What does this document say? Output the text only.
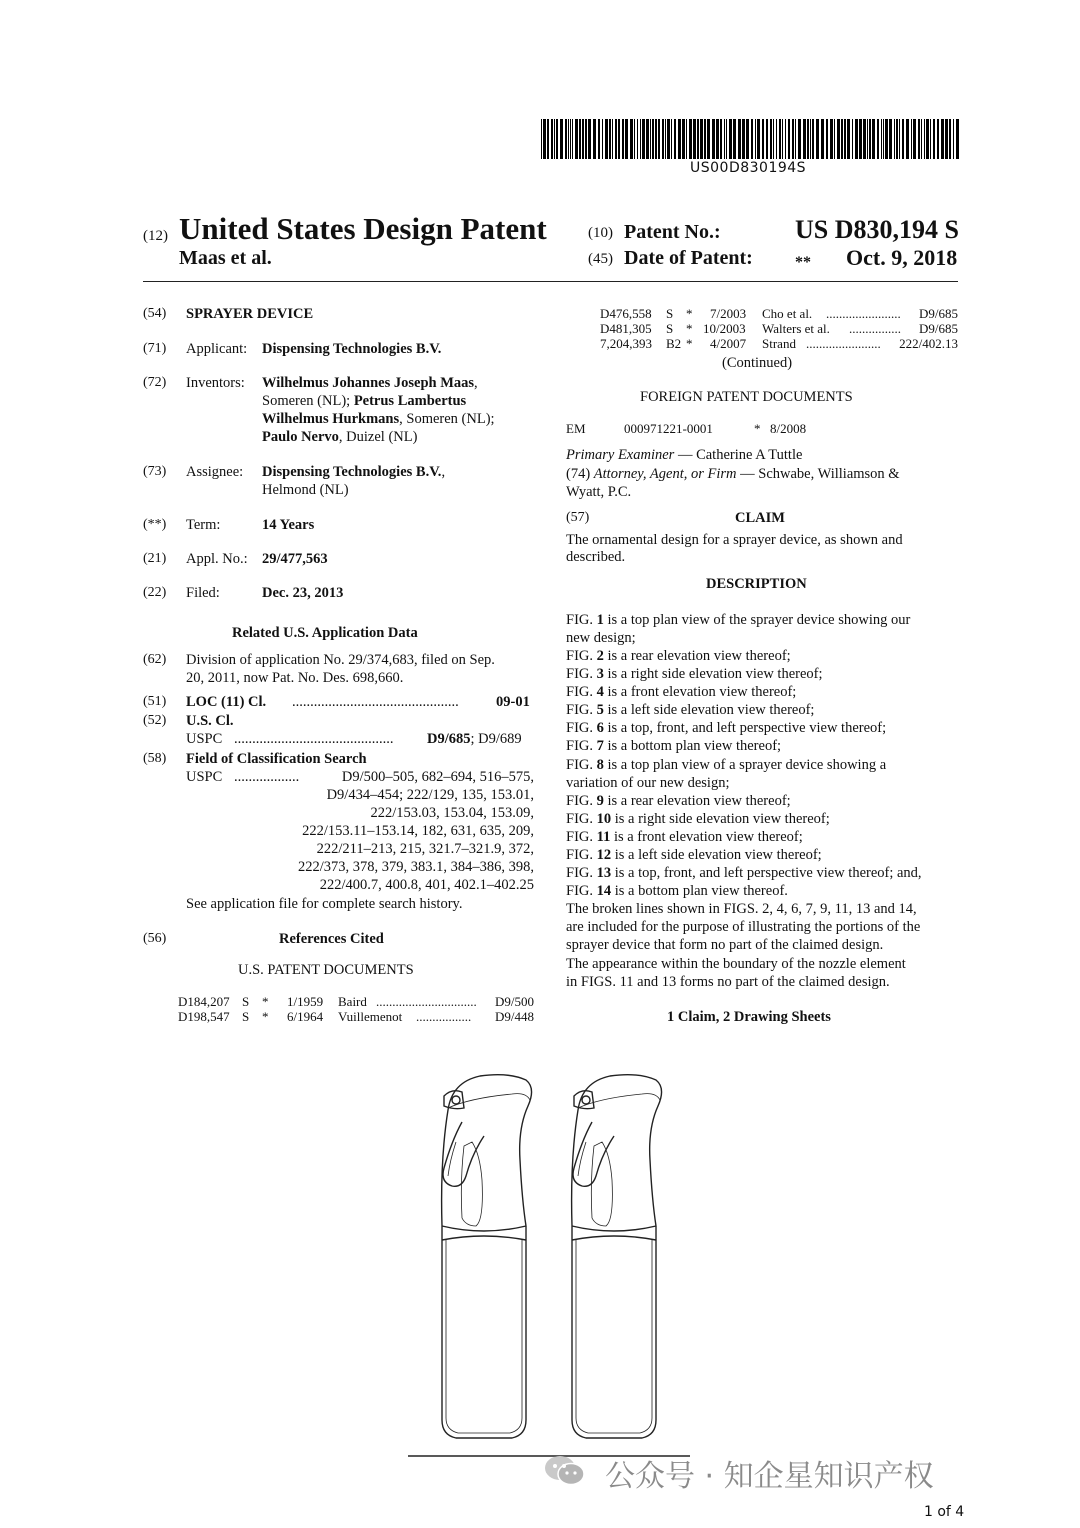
US00D830194S
(12) United States Design Patent
Maas et al.
(10) Patent No.:	US D830,194 S
(45) Date of Patent:	** Oct. 9, 2018
(54) SPRAYER DEVICE
(71) Applicant: Dispensing Technologies B.V.
(72) Inventors: Wilhelmus Johannes Joseph Maas,
Someren (NL); Petrus Lambertus
Wilhelmus Hurkmans, Someren (NL);
Paulo Nervo, Duizel (NL)
(73) Assignee: Dispensing Technologies B.V.,
Helmond (NL)
(**) Term:	14 Years
(21) Appl. No.: 29/477,563
(22) Filed:	Dec. 23, 2013
Related U.S. Application Data
(62) Division of application No. 29/374,683, filed on Sep.
20, 2011, now Pat. No. Des. 698,660.
(51) LOC (11) Cl. ..............................................	09-01
(52) U.S. Cl.
USPC ............................................ D9/685; D9/689
(58) Field of Classification Search
USPC ..................	D9/500–505, 682–694, 516–575,
D9/434–454; 222/129, 135, 153.01,
222/153.03, 153.04, 153.09,
222/153.11–153.14, 182, 631, 635, 209,
222/211–213, 215, 321.7–321.9, 372,
222/373, 378, 379, 383.1, 384–386, 398,
222/400.7, 400.8, 401, 402.1–402.25
See application file for complete search history.
(56)	References Cited
U.S. PATENT DOCUMENTS
D184,207 S * 1/1959 Baird ............................... D9/500
D198,547 S * 6/1964 Vuillemenot ................. D9/448
D476,558 S * 7/2003 Cho et al. ....................... D9/685
D481,305 S * 10/2003 Walters et al. ................ D9/685
7,204,393 B2 * 4/2007 Strand ....................... 222/402.13
(Continued)
FOREIGN PATENT DOCUMENTS
EM	000971221-0001	* 8/2008
Primary Examiner — Catherine A Tuttle
(74) Attorney, Agent, or Firm — Schwabe, Williamson &
Wyatt, P.C.
(57)	CLAIM
The ornamental design for a sprayer device, as shown and
described.
DESCRIPTION
FIG. 1 is a top plan view of the sprayer device showing our
new design;
FIG. 2 is a rear elevation view thereof;
FIG. 3 is a right side elevation view thereof;
FIG. 4 is a front elevation view thereof;
FIG. 5 is a left side elevation view thereof;
FIG. 6 is a top, front, and left perspective view thereof;
FIG. 7 is a bottom plan view thereof;
FIG. 8 is a top plan view of a sprayer device showing a
variation of our new design;
FIG. 9 is a rear elevation view thereof;
FIG. 10 is a right side elevation view thereof;
FIG. 11 is a front elevation view thereof;
FIG. 12 is a left side elevation view thereof;
FIG. 13 is a top, front, and left perspective view thereof; and,
FIG. 14 is a bottom plan view thereof.
The broken lines shown in FIGS. 2, 4, 6, 7, 9, 11, 13 and 14,
are included for the purpose of illustrating the portions of the
sprayer device that form no part of the claimed design.
The appearance within the boundary of the nozzle element
in FIGS. 11 and 13 forms no part of the claimed design.
1 Claim, 2 Drawing Sheets
公众号 · 知企星知识产权
1 of 4
